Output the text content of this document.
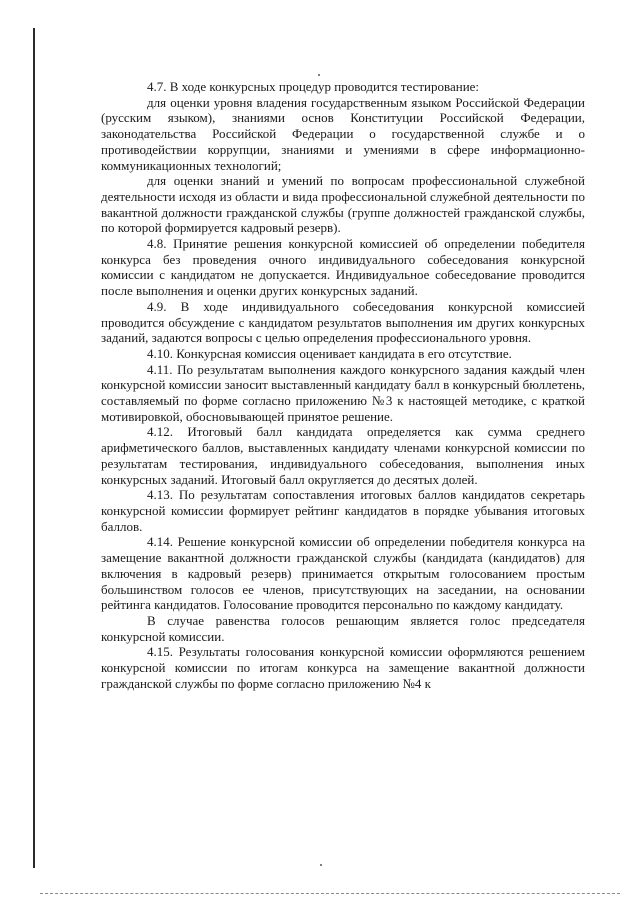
4.7. В ходе конкурсных процедур проводится тестирование:

для оценки уровня владения государственным языком Российской Федерации (русским языком), знаниями основ Конституции Российской Федерации, законодательства Российской Федерации о государственной службе и о противодействии коррупции, знаниями и умениями в сфере информационно-коммуникационных технологий;

для оценки знаний и умений по вопросам профессиональной служебной деятельности исходя из области и вида профессиональной служебной деятельности по вакантной должности гражданской службы (группе должностей гражданской службы, по которой формируется кадровый резерв).

4.8. Принятие решения конкурсной комиссией об определении победителя конкурса без проведения очного индивидуального собеседования конкурсной комиссии с кандидатом не допускается. Индивидуальное собеседование проводится после выполнения и оценки других конкурсных заданий.

4.9. В ходе индивидуального собеседования конкурсной комиссией проводится обсуждение с кандидатом результатов выполнения им других конкурсных заданий, задаются вопросы с целью определения профессионального уровня.

4.10. Конкурсная комиссия оценивает кандидата в его отсутствие.

4.11. По результатам выполнения каждого конкурсного задания каждый член конкурсной комиссии заносит выставленный кандидату балл в конкурсный бюллетень, составляемый по форме согласно приложению №3 к настоящей методике, с краткой мотивировкой, обосновывающей принятое решение.

4.12. Итоговый балл кандидата определяется как сумма среднего арифметического баллов, выставленных кандидату членами конкурсной комиссии по результатам тестирования, индивидуального собеседования, выполнения иных конкурсных заданий. Итоговый балл округляется до десятых долей.

4.13. По результатам сопоставления итоговых баллов кандидатов секретарь конкурсной комиссии формирует рейтинг кандидатов в порядке убывания итоговых баллов.

4.14. Решение конкурсной комиссии об определении победителя конкурса на замещение вакантной должности гражданской службы (кандидата (кандидатов) для включения в кадровый резерв) принимается открытым голосованием простым большинством голосов ее членов, присутствующих на заседании, на основании рейтинга кандидатов. Голосование проводится персонально по каждому кандидату.

В случае равенства голосов решающим является голос председателя конкурсной комиссии.

4.15. Результаты голосования конкурсной комиссии оформляются решением конкурсной комиссии по итогам конкурса на замещение вакантной должности гражданской службы по форме согласно приложению №4 к
